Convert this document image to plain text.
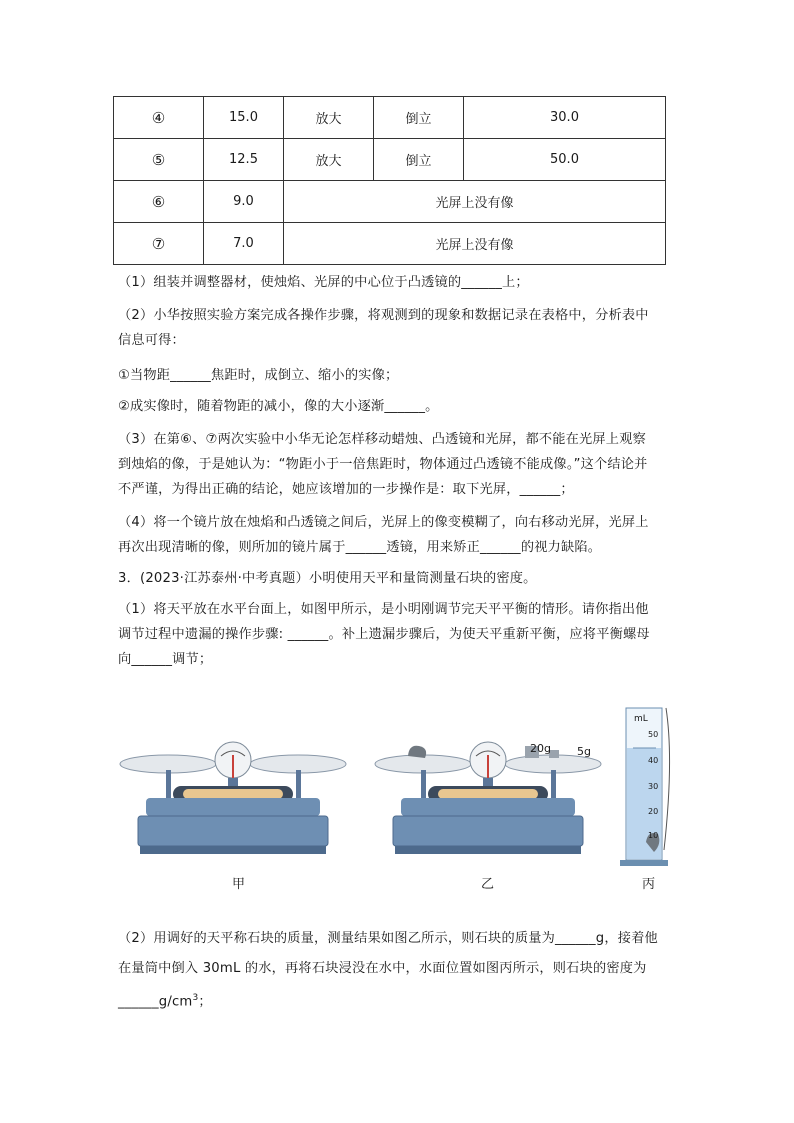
④	15.0	放大	倒立	30.0
⑤	12.5	放大	倒立	50.0
⑥	9.0	光屏上没有像		
⑦	7.0	光屏上没有像		

（1）组装并调整器材，使烛焰、光屏的中心位于凸透镜的______上；

（2）小华按照实验方案完成各操作步骤，将观测到的现象和数据记录在表格中，分析表中

信息可得：

①当物距______焦距时，成倒立、缩小的实像；

②成实像时，随着物距的减小，像的大小逐渐______。

（3）在第⑥、⑦两次实验中小华无论怎样移动蜡烛、凸透镜和光屏，都不能在光屏上观察

到烛焰的像，于是她认为：“物距小于一倍焦距时，物体通过凸透镜不能成像。”这个结论并

不严谨，为得出正确的结论，她应该增加的一步操作是：取下光屏，______；

（4）将一个镜片放在烛焰和凸透镜之间后，光屏上的像变模糊了，向右移动光屏，光屏上

再次出现清晰的像，则所加的镜片属于______透镜，用来矫正______的视力缺陷。

3．(2023·江苏泰州·中考真题）小明使用天平和量筒测量石块的密度。

（1）将天平放在水平台面上，如图甲所示，是小明刚调节完天平平衡的情形。请你指出他

调节过程中遗漏的操作步骤: ______。补上遗漏步骤后，为使天平重新平衡，应将平衡螺母

向______调节；

20g 5g
mL
50
40
30
20
10
甲	乙	丙

（2）用调好的天平称石块的质量，测量结果如图乙所示，则石块的质量为______g，接着他

在量筒中倒入 30mL 的水，再将石块浸没在水中，水面位置如图丙所示，则石块的密度为

$\_\_\_\_\_\_g/cm^3$；
